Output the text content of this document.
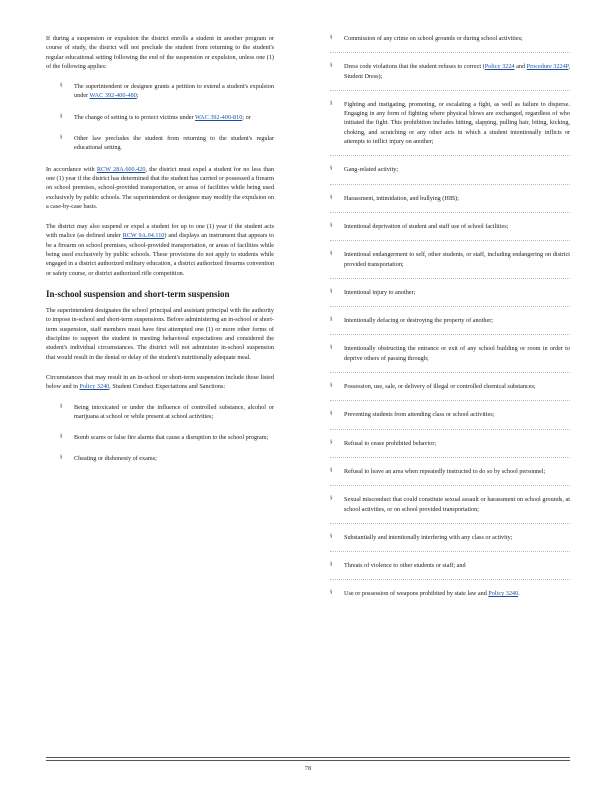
If during a suspension or expulsion the district enrolls a student in another program or course of study, the district will not preclude the student from returning to the student's regular educational setting following the end of the suspension or expulsion, unless one (1) of the following applies:

§ The superintendent or designee grants a petition to extend a student's expulsion under WAC 392-400-480;
§ The change of setting is to protect victims under WAC 392-400-810; or
§ Other law precludes the student from returning to the student's regular educational setting.

In accordance with RCW 28A.600.420, the district must expel a student for no less than one (1) year if the district has determined that the student has carried or possessed a firearm on school premises, school-provided transportation, or areas of facilities while being used exclusively by public schools. The superintendent or designee may modify the expulsion on a case-by-case basis.

The district may also suspend or expel a student for up to one (1) year if the student acts with malice (as defined under RCW 9A.04.110) and displays an instrument that appears to be a firearm on school premises, school-provided transportation, or areas of facilities while being used exclusively by public schools. These provisions do not apply to students while engaged in a district authorized military education, a district authorized firearms convention or safety course, or district authorized rifle competition.

In-school suspension and short-term suspension

The superintendent designates the school principal and assistant principal with the authority to impose in-school and short-term suspensions. Before administering an in-school or short-term suspension, staff members must have first attempted one (1) or more other forms of discipline to support the student in meeting behavioral expectations and considered the student's individual circumstances. The district will not administer in-school suspension that would result in the denial or delay of the student's nutritionally adequate meal.

Circumstances that may result in an in-school or short-term suspension include those listed below and in Policy 3240, Student Conduct Expectations and Sanctions:

§ Being intoxicated or under the influence of controlled substance, alcohol or marijuana at school or while present at school activities;
§ Bomb scares or false fire alarms that cause a disruption to the school program;
§ Cheating or dishonesty of exams;
§ Commission of any crime on school grounds or during school activities;
§ Dress code violations that the student refuses to correct (Policy 3224 and Procedure 3224P, Student Dress);
§ Fighting and instigating, promoting, or escalating a fight, as well as failure to disperse. Engaging in any form of fighting where physical blows are exchanged, regardless of who initiated the fight. This prohibition includes hitting, slapping, pulling hair, biting, kicking, choking, and scratching or any other acts in which a student intentionally inflicts or attempts to inflict injury on another;
§ Gang-related activity;
§ Harassment, intimidation, and bullying (HIB);
§ Intentional deprivation of student and staff use of school facilities;
§ Intentional endangerment to self, other students, or staff, including endangering on district provided transportation;
§ Intentional injury to another;
§ Intentionally defacing or destroying the property of another;
§ Intentionally obstructing the entrance or exit of any school building or room in order to deprive others of passing through;
§ Possession, use, sale, or delivery of illegal or controlled chemical substances;
§ Preventing students from attending class or school activities;
§ Refusal to cease prohibited behavior;
§ Refusal to leave an area when repeatedly instructed to do so by school personnel;
§ Sexual misconduct that could constitute sexual assault or harassment on school grounds, at school activities, or on school provided transportation;
§ Substantially and intentionally interfering with any class or activity;
§ Threats of violence to other students or staff; and
§ Use or possession of weapons prohibited by state law and Policy 3240.
78
